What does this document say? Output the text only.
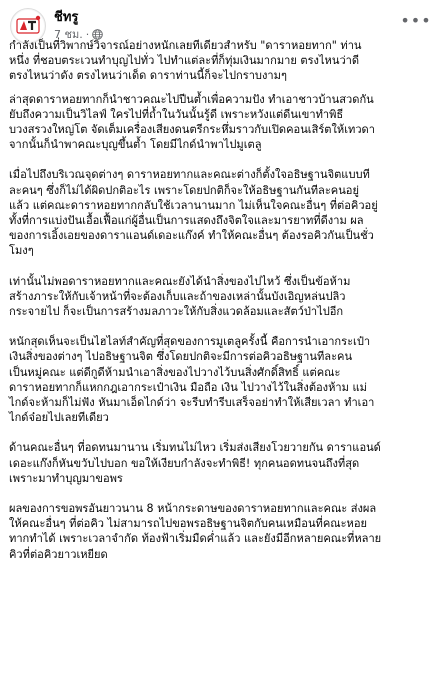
ชีทรู
7 ชม. ·
•••

กำลังเป็นที่วิพากษ์วิจารณ์อย่างหนักเลยทีเดียวสำหรับ "ดาราหอยทาก" ท่าน
หนึ่ง ที่ชอบตระเวนทำบุญไปทั่ว ไปทำแต่ละที่ก็ทุ่มเงินมากมาย ตรงไหนว่าดี
ตรงไหนว่าดัง ตรงไหนว่าเด็ด ดาราท่านนี้ก็จะไปกราบงามๆ

ล่าสุดดาราหอยทากก็นำชาวคณะไปปีนต้ำเพื่อความปัง ทำเอาชาวบ้านสวดกัน
ยับถึงความเป็นวิไลฟ์ ใครไปที่ถ้ำในวันนั้นรู้ดี เพราะหวังแต่ดีนเขาทำพิธี
บวงสรวงใหญ่โต จัดเต็มเครื่องเสียงดนตรีกระหึ่มราวกับเปิดคอนเสิร์ตให้เทวดา
จากนั้นก็นำพาคณะบุญขึ้นต้ำ โดยมีไกด์นำพาไปมูเตลู

เมื่อไปถึงบริเวณจุดต่างๆ ดาราหอยทากและคณะต่างก็ตั้งใจอธิษฐานจิตแบบที
ละคนๆ ซึ่งก็ไม่ได้ผิดปกติอะไร เพราะโดยปกติก็จะให้อธิษฐานกันทีละคนอยู่
แล้ว แต่คณะดาราหอยทากกลับใช้เวลานานมาก ไม่เห็นใจคณะอื่นๆ ที่ต่อคิวอยู่
ทั้งที่การแบ่งปันเอื้อเฟื้อแก่ผู้อื่นเป็นการแสดงถึงจิตใจและมารยาทที่ดีงาม ผล
ของการเอิ้งเอยของดาราแอนด์เดอะแก๊งค์ ทำให้คณะอื่นๆ ต้องรอคิวกันเป็นชั่ว
โมงๆ

เท่านั้นไม่พอดาราหอยทากและคณะยังได้นำสิ่งของไปไหว้ ซึ่งเป็นข้อห้าม
สร้างภาระให้กับเจ้าหน้าที่จะต้องเก็บและถ้าของเหล่านั้นบังเอิญหล่นปลิว
กระจายไป ก็จะเป็นการสร้างมลภาวะให้กับสิ่งแวดล้อมและสัตว์ป่าไปอีก

หนักสุดเห็นจะเป็นไฮไลท์สำคัญที่สุดของการมูเตลูครั้งนี้ คือการนำเอากระเป๋า
เงินสิ่งของต่างๆ ไปอธิษฐานจิต ซึ่งโดยปกติจะมีการต่อคิวอธิษฐานทีละคน
เป็นหมู่คณะ แต่ดีกูดีห้ามนำเอาสิ่งของไปวางไว้บนสิ่งศักดิ์สิทธิ์ แต่คณะ
ดาราหอยทากก็แหกกฎเอากระเป๋าเงิน มือถือ เงิน ไปวางไว้ในสิ่งต้องห้าม แม่
ไกด์จะห้ามก็ไม่ฟัง หันมาเอ็ดไกด์ว่า จะรีบทำรีบเสร็จอย่าทำให้เสียเวลา ทำเอา
ไกด์จ๋อยไปเลยทีเดียว

ด้านคณะอื่นๆ ที่อดทนมานาน เริ่มทนไม่ไหว เริ่มส่งเสียงโวยวายกัน ดาราแอนด์
เดอะแก๊งก็หันขวับไปบอก ขอให้เงียบกำลังจะทำพิธี! ทุกคนอดทนจนถึงที่สุด
เพราะมาทำบุญมาขอพร

ผลของการขอพรอันยาวนาน 8 หน้ากระดาษของดาราหอยทากและคณะ ส่งผล
ให้คณะอื่นๆ ที่ต่อคิว ไม่สามารถไปขอพรอธิษฐานจิตกับคนเหมือนที่คณะหอย
ทากทำได้ เพราะเวลาจำกัด ท้องฟ้าเริ่มมืดค่ำแล้ว และยังมีอีกหลายคณะที่หลาย
คิวที่ต่อคิวยาวเหยียด
